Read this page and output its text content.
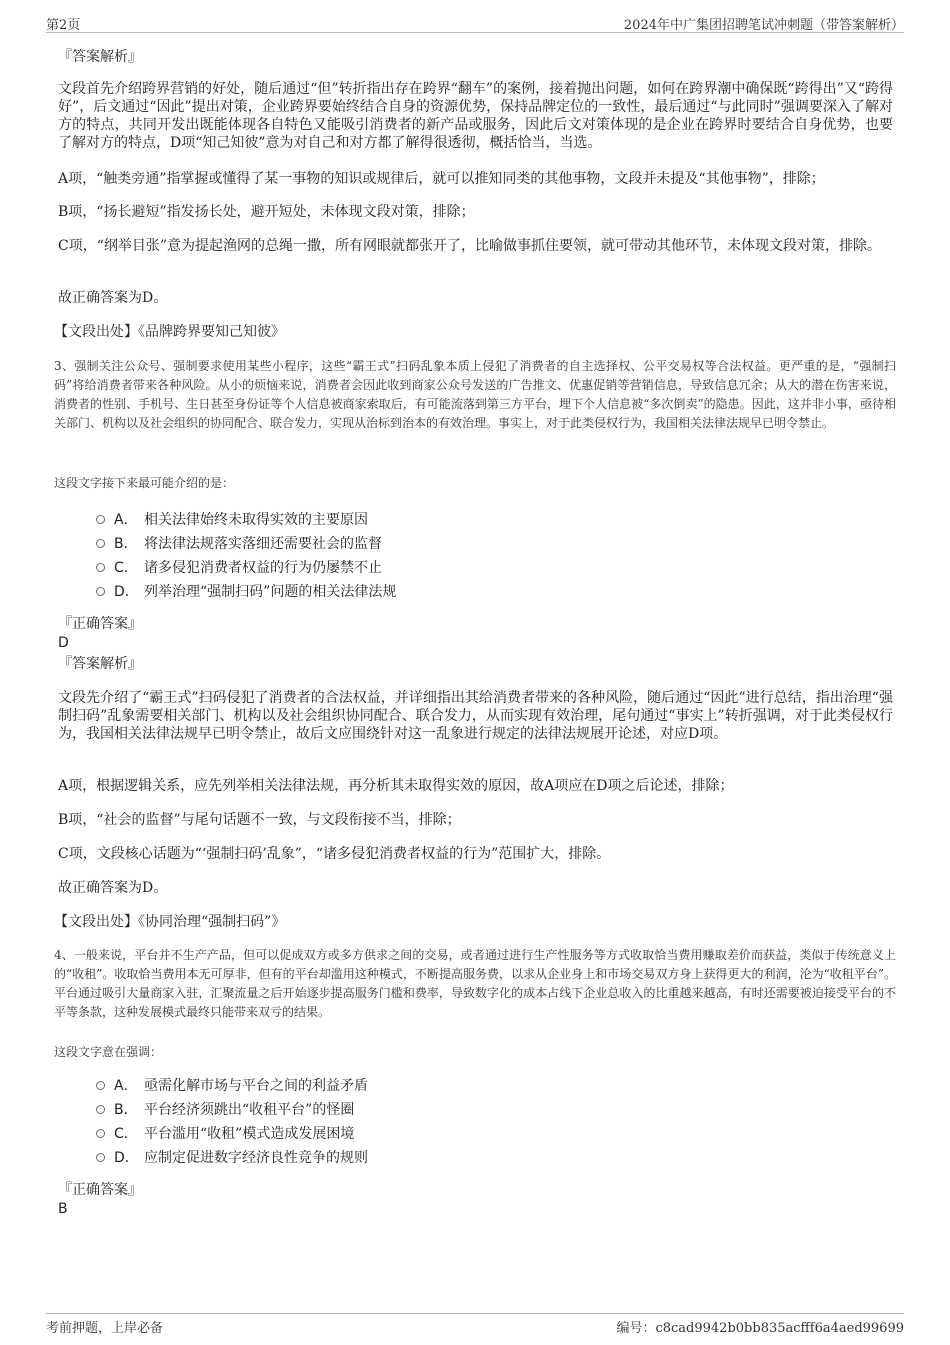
第2页	2024年中广集团招聘笔试冲刺题（带答案解析）
『答案解析』
文段首先介绍跨界营销的好处，随后通过“但”转折指出存在跨界“翻车”的案例，接着抛出问题，如何在跨界潮中确保既“跨得出”又“跨得好”，后文通过“因此”提出对策，企业跨界要始终结合自身的资源优势，保持品牌定位的一致性，最后通过“与此同时”强调要深入了解对方的特点，共同开发出既能体现各自特色又能吸引消费者的新产品或服务，因此后文对策体现的是企业在跨界时要结合自身优势，也要了解对方的特点，D项“知己知彼”意为对自己和对方都了解得很透彻，概括恰当，当选。
A项，“触类旁通”指掌握或懂得了某一事物的知识或规律后，就可以推知同类的其他事物，文段并未提及“其他事物”，排除；
B项，“扬长避短”指发扬长处，避开短处，未体现文段对策，排除；
C项，“纲举目张”意为提起渔网的总绳一撒，所有网眼就都张开了，比喻做事抓住要领，就可带动其他环节，未体现文段对策，排除。
故正确答案为D。
【文段出处】《品牌跨界要知己知彼》
3、强制关注公众号、强制要求使用某些小程序，这些“霸王式”扫码乱象本质上侵犯了消费者的自主选择权、公平交易权等合法权益。更严重的是，“强制扫码”将给消费者带来各种风险。从小的烦恼来说，消费者会因此收到商家公众号发送的广告推文、优惠促销等营销信息，导致信息冗余；从大的潜在伤害来说，消费者的性别、手机号、生日甚至身份证等个人信息被商家索取后，有可能流落到第三方平台，埋下个人信息被“多次倒卖”的隐患。因此，这并非小事，亟待相关部门、机构以及社会组织的协同配合、联合发力，实现从治标到治本的有效治理。事实上，对于此类侵权行为，我国相关法律法规早已明令禁止。
这段文字接下来最可能介绍的是：
A． 相关法律始终未取得实效的主要原因
B． 将法律法规落实落细还需要社会的监督
C． 诸多侵犯消费者权益的行为仍屡禁不止
D． 列举治理“强制扫码”问题的相关法律法规
『正确答案』
D
『答案解析』
文段先介绍了“霸王式”扫码侵犯了消费者的合法权益，并详细指出其给消费者带来的各种风险，随后通过“因此”进行总结，指出治理“强制扫码”乱象需要相关部门、机构以及社会组织协同配合、联合发力，从而实现有效治理，尾句通过“事实上”转折强调，对于此类侵权行为，我国相关法律法规早已明令禁止，故后文应围绕针对这一乱象进行规定的法律法规展开论述，对应D项。
A项，根据逻辑关系，应先列举相关法律法规，再分析其未取得实效的原因，故A项应在D项之后论述，排除；
B项，“社会的监督”与尾句话题不一致，与文段衔接不当，排除；
C项，文段核心话题为“‘强制扫码’乱象”，“诸多侵犯消费者权益的行为”范围扩大，排除。
故正确答案为D。
【文段出处】《协同治理“强制扫码”》
4、一般来说，平台并不生产产品，但可以促成双方或多方供求之间的交易，或者通过进行生产性服务等方式收取恰当费用赚取差价而获益，类似于传统意义上的“收租”。收取恰当费用本无可厚非，但有的平台却滥用这种模式，不断提高服务费，以求从企业身上和市场交易双方身上获得更大的利润，沦为“收租平台”。平台通过吸引大量商家入驻，汇聚流量之后开始逐步提高服务门槛和费率，导致数字化的成本占线下企业总收入的比重越来越高，有时还需要被迫接受平台的不平等条款，这种发展模式最终只能带来双亏的结果。
这段文字意在强调：
A． 亟需化解市场与平台之间的利益矛盾
B． 平台经济须跳出“收租平台”的怪圈
C． 平台滥用“收租”模式造成发展困境
D． 应制定促进数字经济良性竞争的规则
『正确答案』
B
考前押题，上岸必备	编号：c8cad9942b0bb835acfff6a4aed99699
